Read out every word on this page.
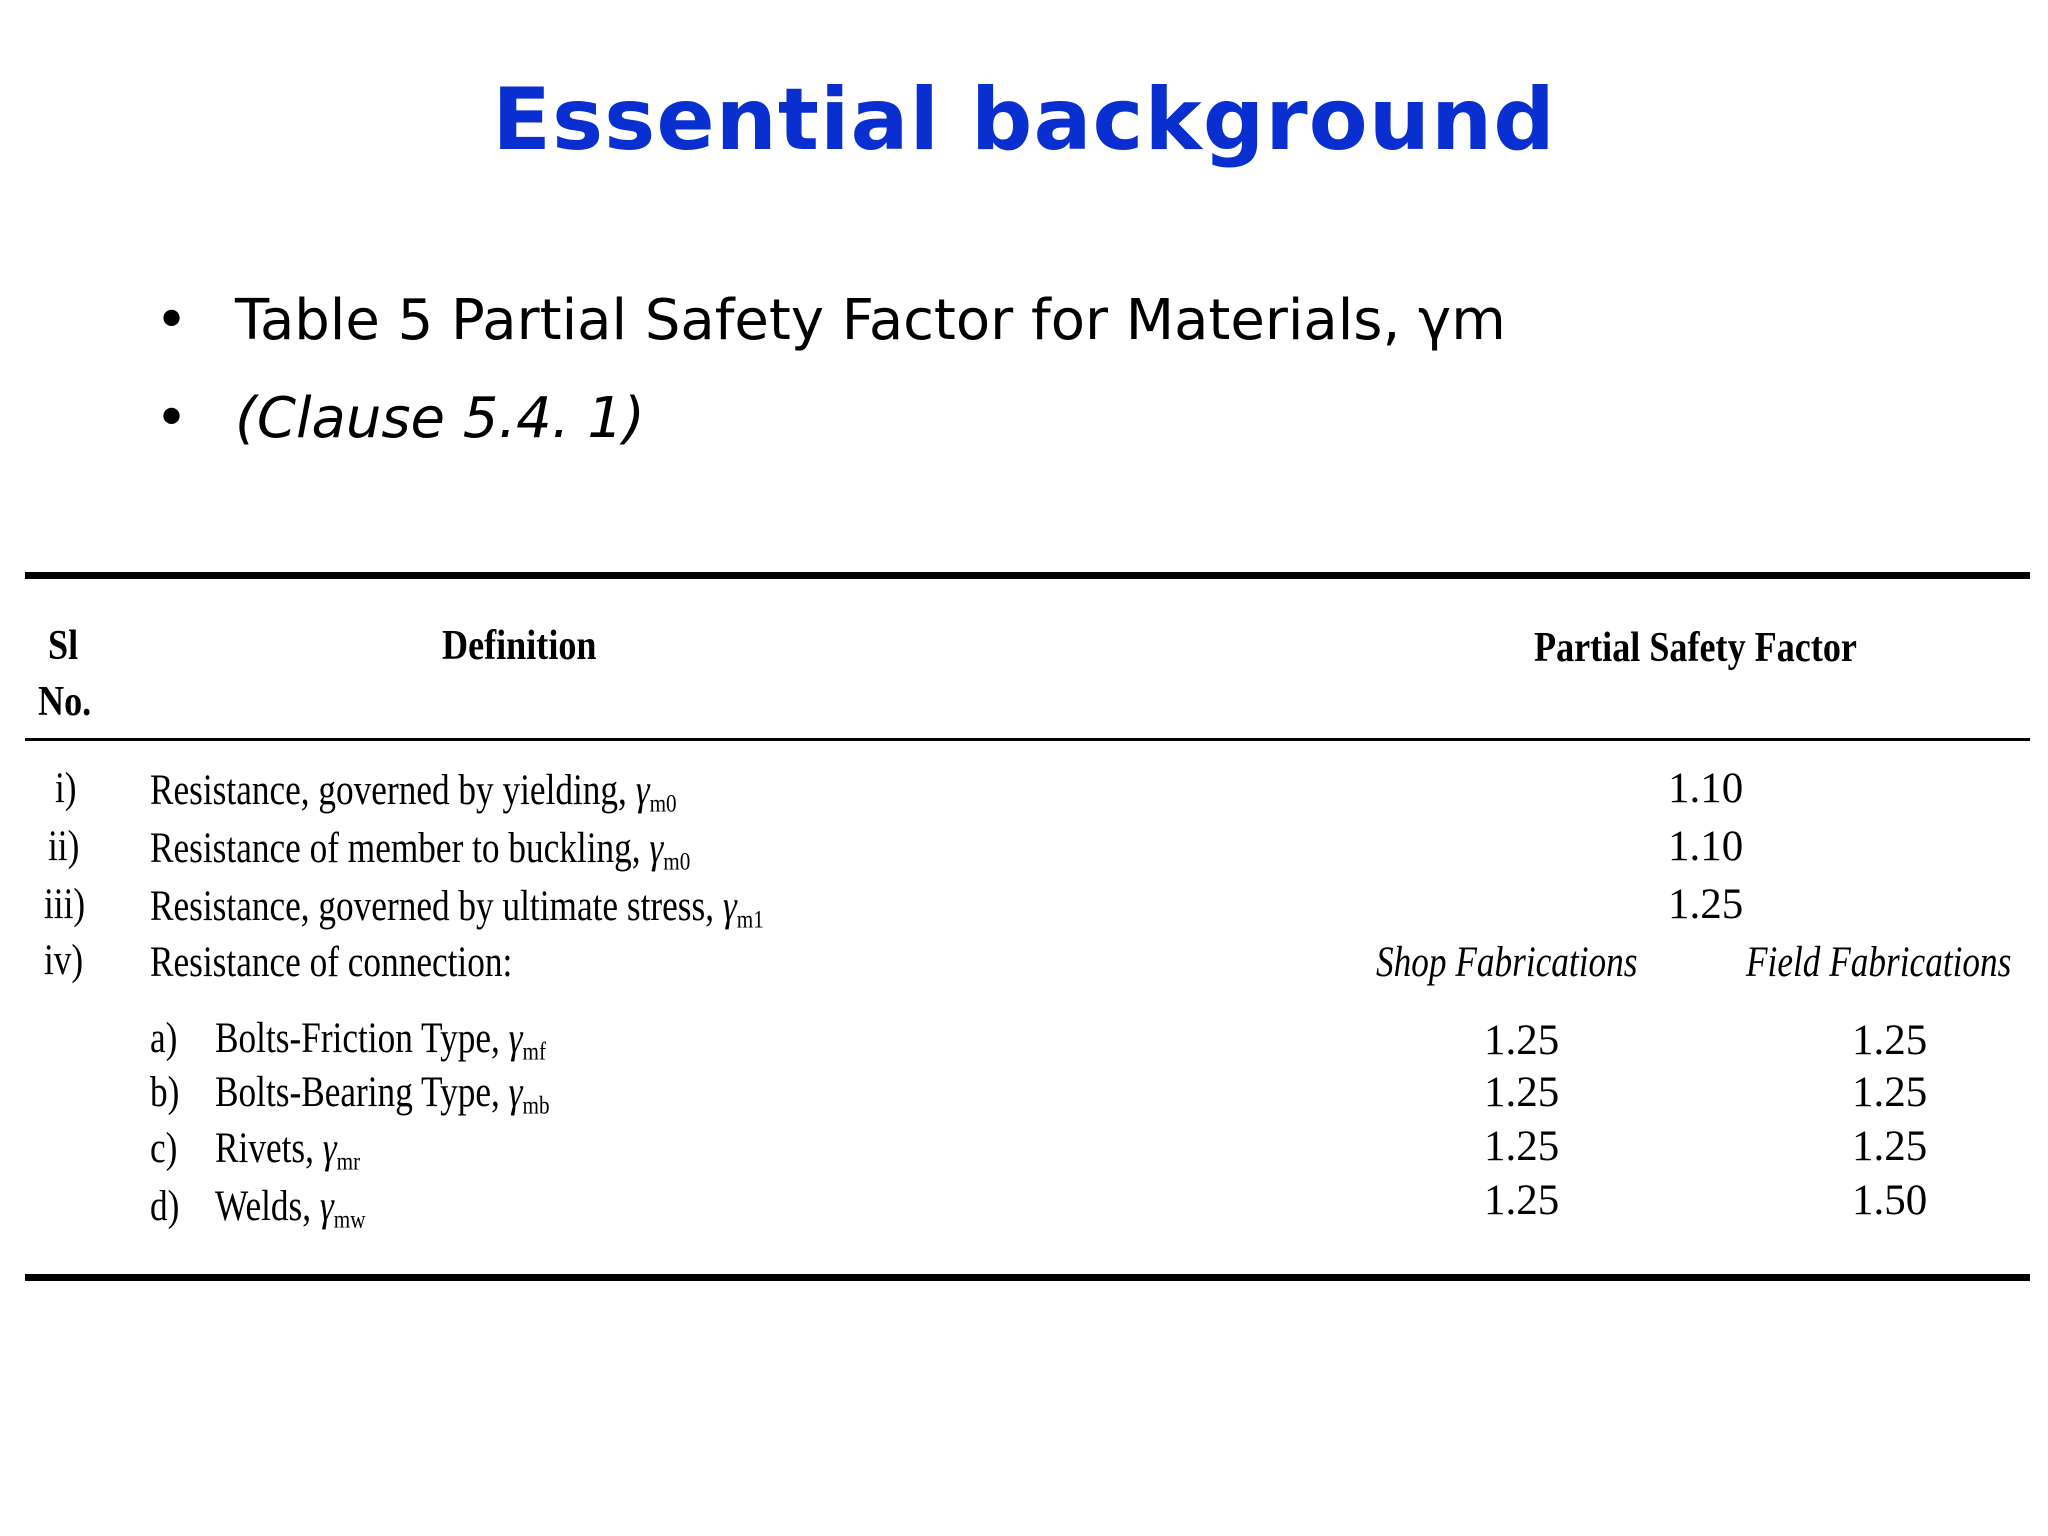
Essential background
• Table 5 Partial Safety Factor for Materials, γm
• (Clause 5.4. 1)
Sl
No.
Definition	Partial Safety Factor
i) Resistance, governed by yielding, $\gamma_{m0}$	1.10
ii) Resistance of member to buckling, $\gamma_{m0}$	1.10
iii) Resistance, governed by ultimate stress, $\gamma_{m1}$	1.25
iv) Resistance of connection:	Shop Fabrications	Field Fabrications
a) Bolts-Friction Type, $\gamma_{mf}$	1.25	1.25
b) Bolts-Bearing Type, $\gamma_{mb}$	1.25	1.25
c) Rivets, $\gamma_{mr}$	1.25	1.25
d) Welds, $\gamma_{mw}$	1.25	1.50
